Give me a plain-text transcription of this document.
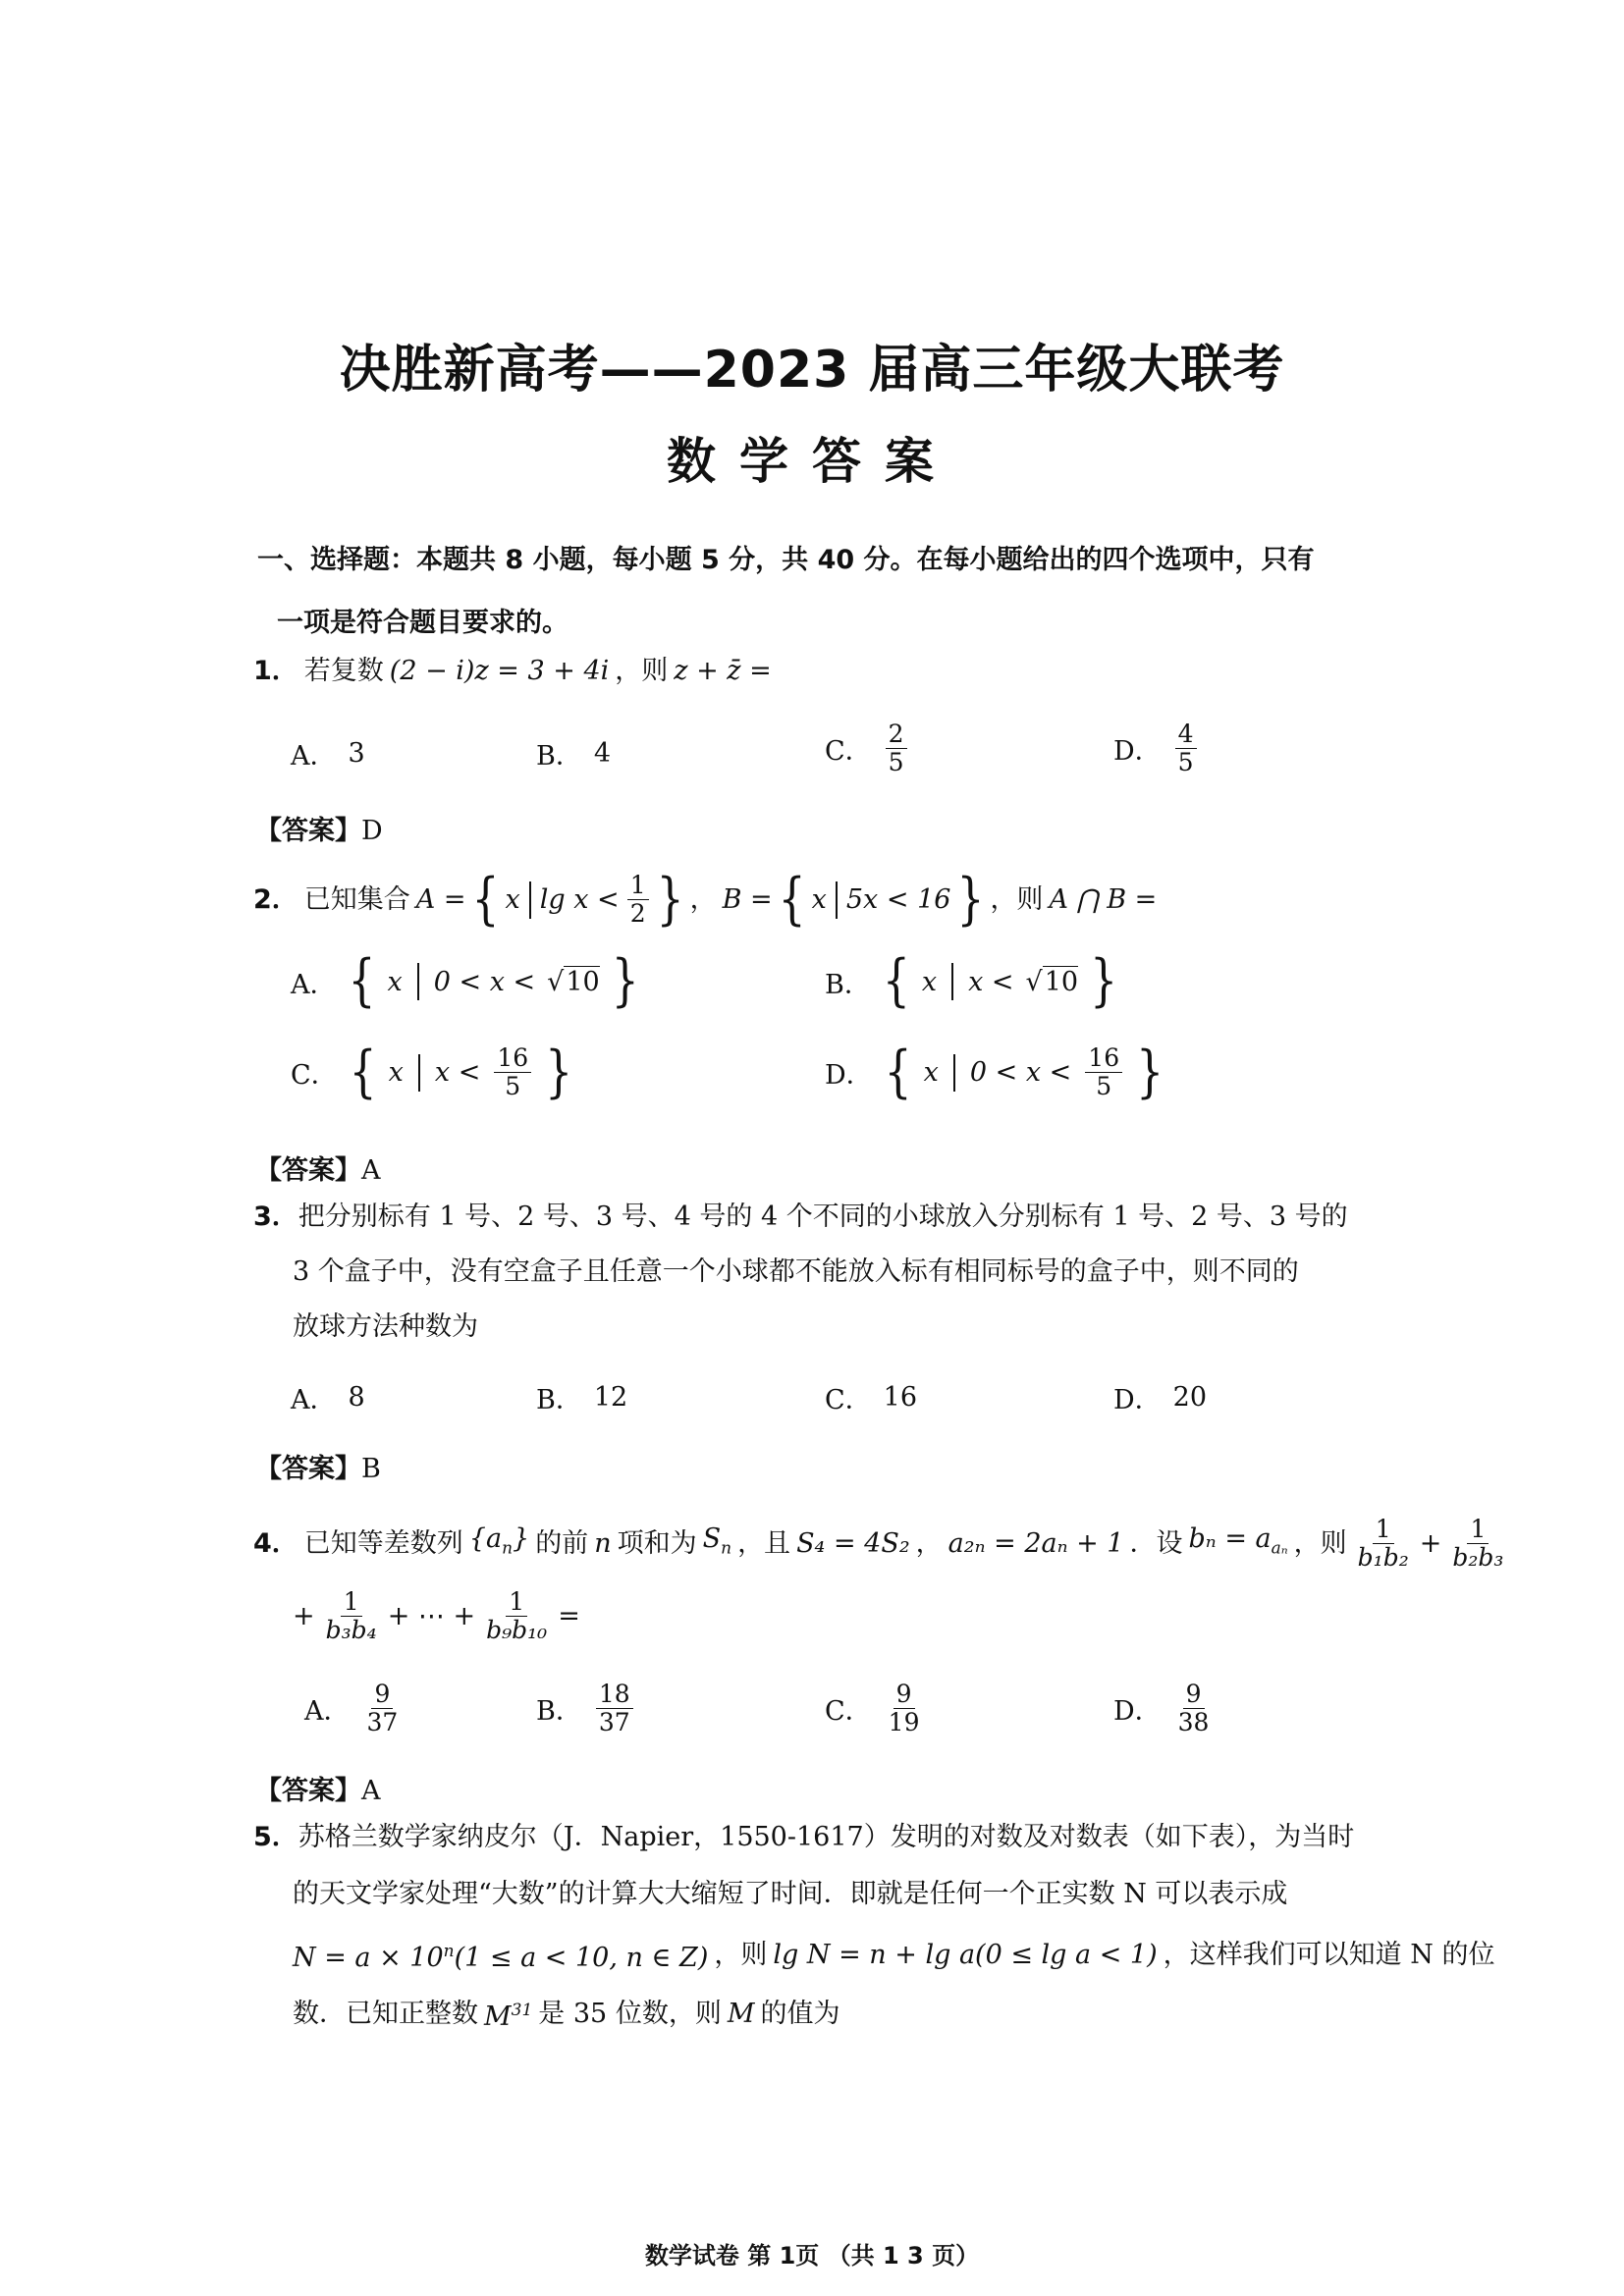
决胜新高考——2023 届高三年级大联考
数学答案
一、选择题：本题共 8 小题，每小题 5 分，共 40 分。在每小题给出的四个选项中，只有
一项是符合题目要求的。
1． 若复数 (2 − i)z = 3 + 4i ，则 z + z̄ =
A． 3	B． 4	C． $\frac{2}{5}$	D． $\frac{4}{5}$
【答案】D
2． 已知集合 A = { x $\lg x < \frac{1}{2}$ } ， B = { x 5x < 16 } ，则 A ⋂ B =
A． { x 0 < x < √10 }	B． { x x < √10 }
C． { x $x < \frac{16}{5}$ }	D． { x $0 < x < \frac{16}{5}$ }
【答案】A
3．把分别标有 1 号、2 号、3 号、4 号的 4 个不同的小球放入分别标有 1 号、2 号、3 号的
3 个盒子中，没有空盒子且任意一个小球都不能放入标有相同标号的盒子中，则不同的
放球方法种数为
A． 8	B． 12	C． 16	D． 20
【答案】B
4． 已知等差数列 $\{a_n\}$ 的前 n 项和为 $S_n$ ，且 S₄ = 4S₂ ， a₂ₙ = 2aₙ + 1 ．设 $b_n = a_{a_n}$ ，则 $\frac{1}{\text{b₁b₂}} + \frac{1}{\text{b₂b₃}}$
+ $\frac{1}{\text{b₃b₄}}$ + ⋯ + $\frac{1}{\text{b₉b₁₀}}$ =
A． $\frac{9}{37}$	B． $\frac{18}{37}$	C． $\frac{9}{19}$	D． $\frac{9}{38}$
【答案】A
5．苏格兰数学家纳皮尔（J．Napier，1550-1617）发明的对数及对数表（如下表），为当时
的天文学家处理“大数”的计算大大缩短了时间．即就是任何一个正实数 N 可以表示成
$N = a \times 10^n(1 \le a < 10$, n ∈ Z) ，则 lg N = n + lg a(0 ≤ lg a < 1) ，这样我们可以知道 N 的位
数．已知正整数 $M^{31}$ 是 35 位数，则 M 的值为
数学试卷 第 1页 （共 1 3 页）
